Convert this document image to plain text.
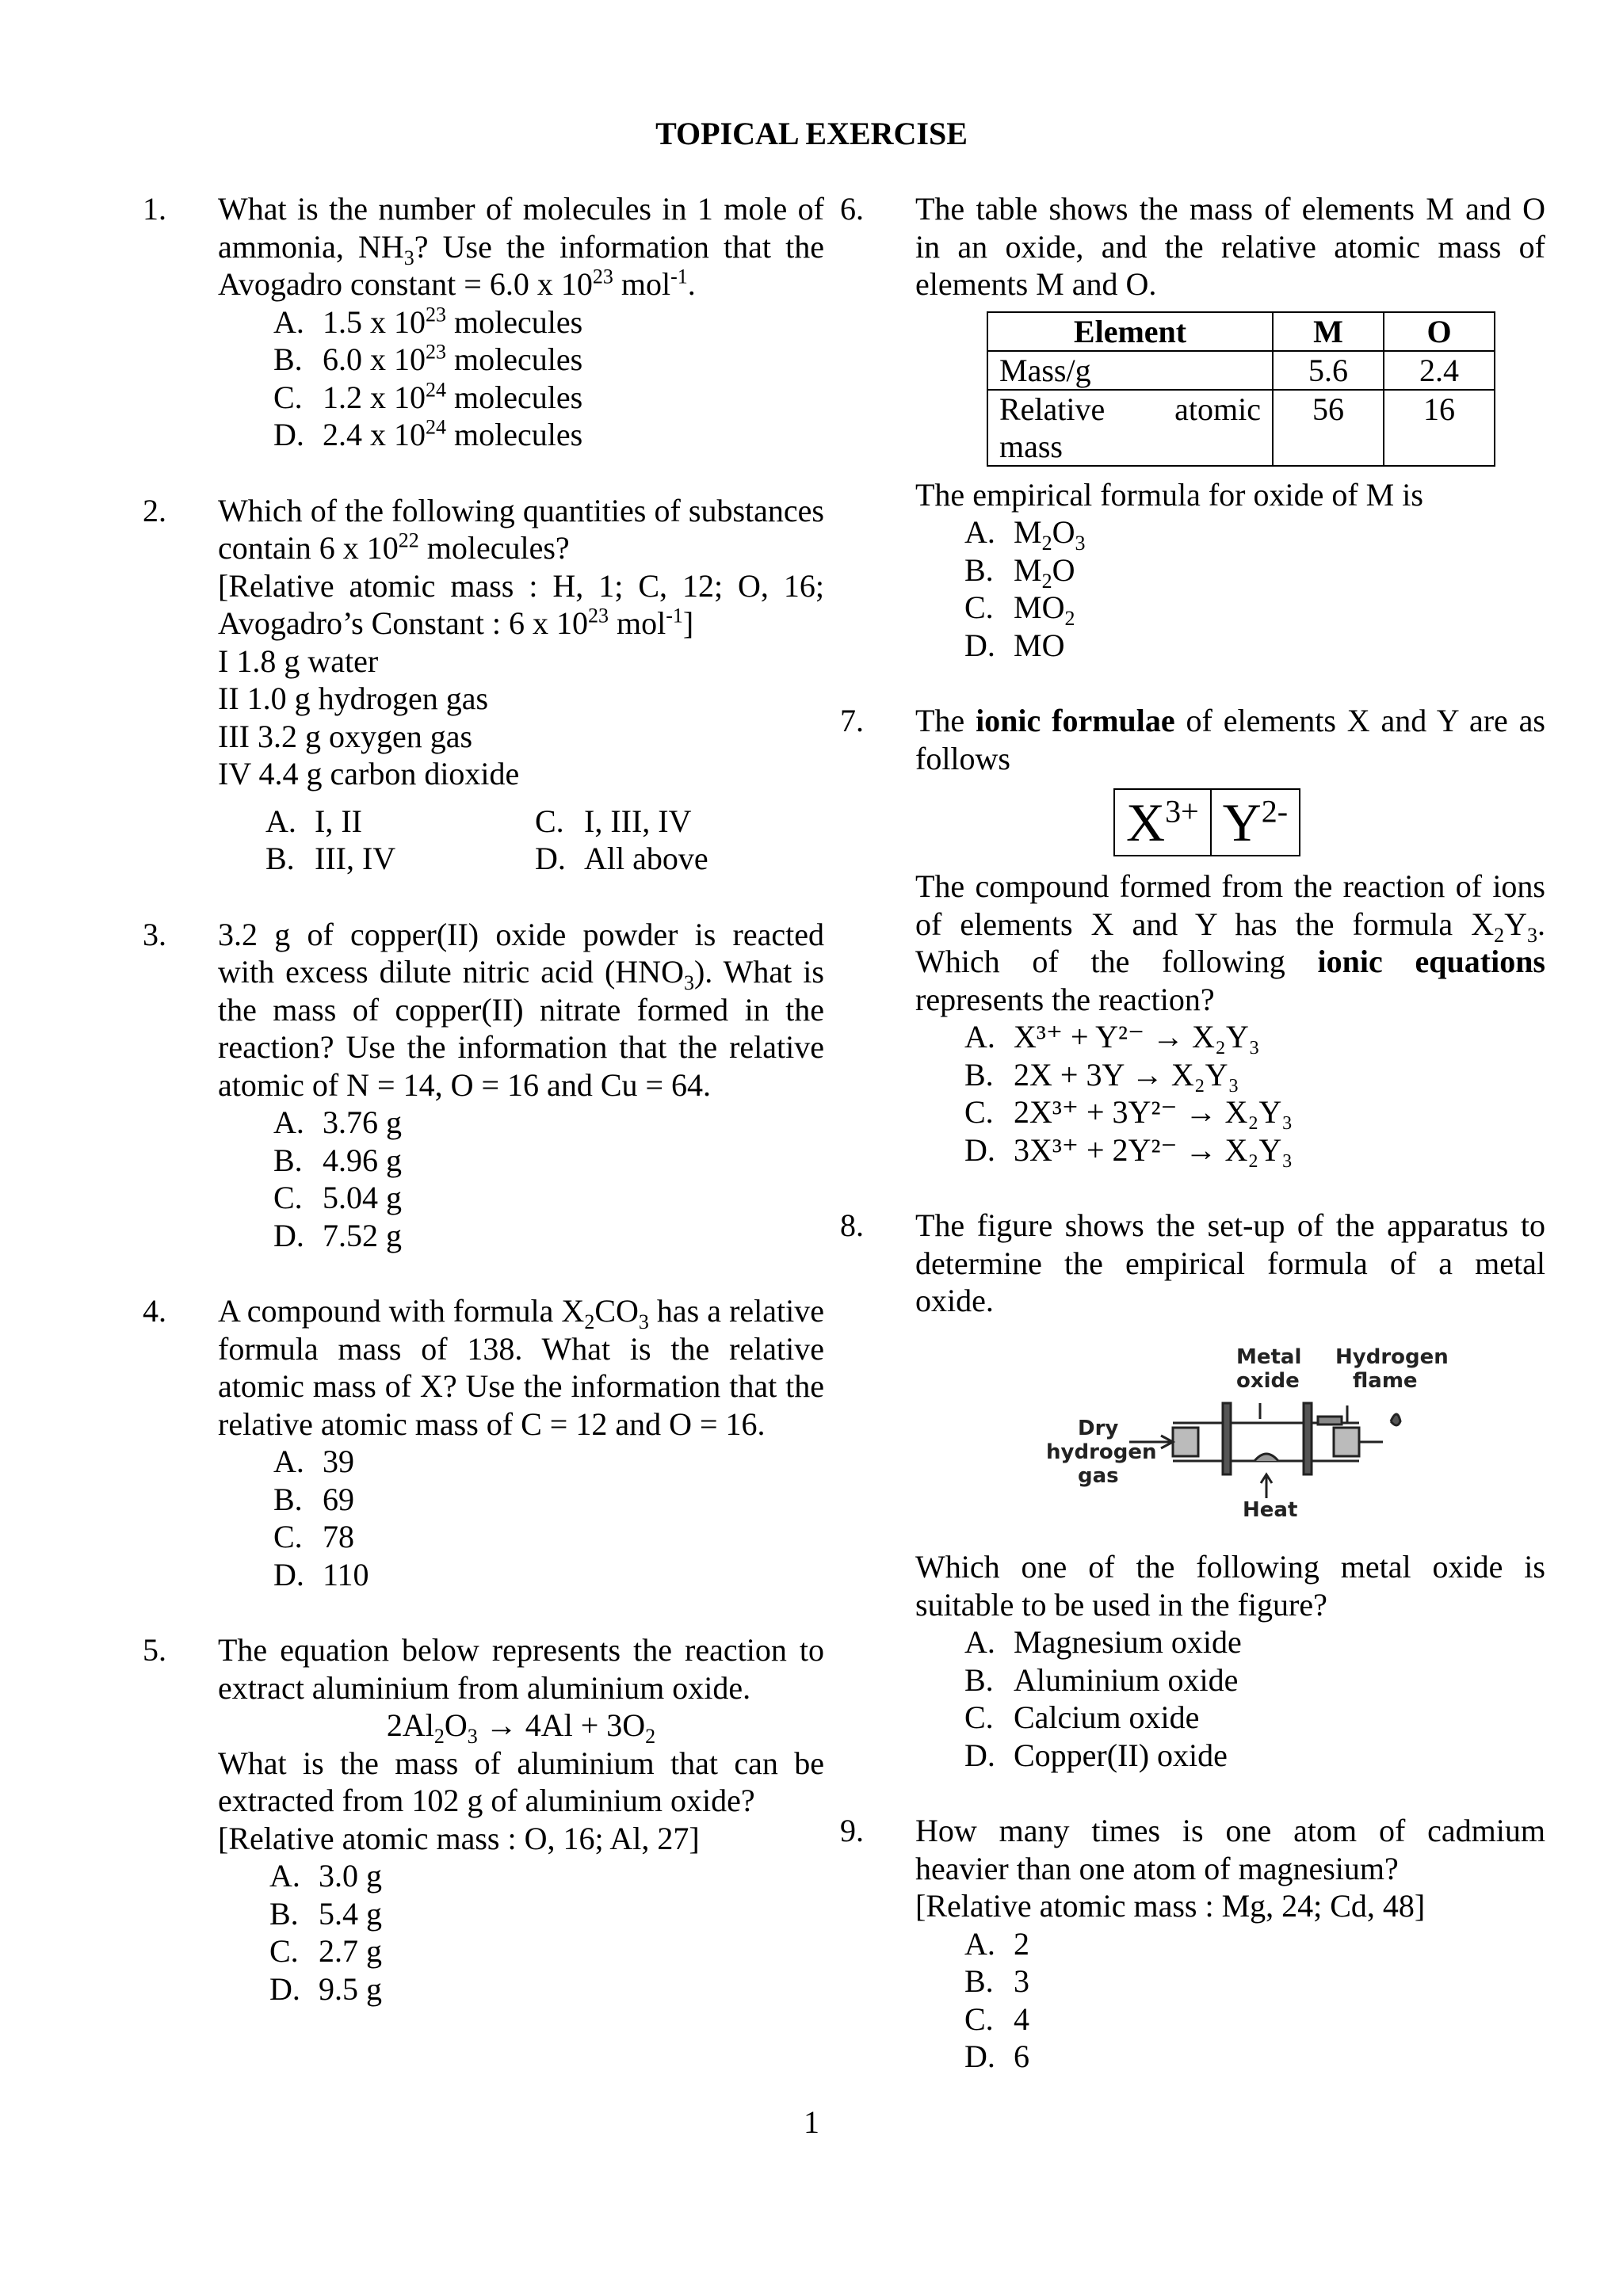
TOPICAL EXERCISE
1. What is the number of molecules in 1 mole of ammonia, $NH_3$? Use the information that the Avogadro constant = 6.0 x $10^{23}$ mol$^{-1}$.
A. 1.5 x $10^{23}$ molecules
B. 6.0 x $10^{23}$ molecules
C. 1.2 x $10^{24}$ molecules
D. 2.4 x $10^{24}$ molecules
2. Which of the following quantities of substances contain 6 x $10^{22}$ molecules?
[Relative atomic mass : H, 1; C, 12; O, 16; Avogadro’s Constant : 6 x $10^{23}$ mol$^{-1}$]
I 1.8 g water
II 1.0 g hydrogen gas
III 3.2 g oxygen gas
IV 4.4 g carbon dioxide
A. I, II	C. I, III, IV
B. III, IV	D. All above
3. 3.2 g of copper(II) oxide powder is reacted with excess dilute nitric acid $(HNO_3)$. What is the mass of copper(II) nitrate formed in the reaction? Use the information that the relative atomic of N = 14, O = 16 and Cu = 64.
A. 3.76 g
B. 4.96 g
C. 5.04 g
D. 7.52 g
4. A compound with formula $X_2CO_3$ has a relative formula mass of 138. What is the relative atomic mass of X? Use the information that the relative atomic mass of C = 12 and O = 16.
A. 39
B. 69
C. 78
D. 110
5. The equation below represents the reaction to extract aluminium from aluminium oxide.
$2Al_2O_3 \to 4Al + 3O_2$
What is the mass of aluminium that can be extracted from 102 g of aluminium oxide?
[Relative atomic mass : O, 16; Al, 27]
A. 3.0 g
B. 5.4 g
C. 2.7 g
D. 9.5 g
6. The table shows the mass of elements M and O in an oxide, and the relative atomic mass of elements M and O.
Element	M	O
Mass/g	5.6	2.4
Relative atomic mass	56	16
The empirical formula for oxide of M is
A. $M_2O_3$
B. $M_2O$
C. $MO_2$
D. MO
7. The ionic formulae of elements X and Y are as follows
$X^{3+}$ $Y^{2-}$
The compound formed from the reaction of ions of elements X and Y has the formula $X_2Y_3$. Which of the following ionic equations represents the reaction?
A. X³⁺ + Y²⁻ → X₂Y₃
B. 2X + 3Y → X₂Y₃
C. 2X³⁺ + 3Y²⁻ → X₂Y₃
D. 3X³⁺ + 2Y²⁻ → X₂Y₃
8. The figure shows the set-up of the apparatus to determine the empirical formula of a metal oxide.
Metal
oxide
Hydrogen
flame
Dry
hydrogen
gas
Heat
Which one of the following metal oxide is suitable to be used in the figure?
A. Magnesium oxide
B. Aluminium oxide
C. Calcium oxide
D. Copper(II) oxide
9. How many times is one atom of cadmium heavier than one atom of magnesium?
[Relative atomic mass : Mg, 24; Cd, 48]
A. 2
B. 3
C. 4
D. 6
1
